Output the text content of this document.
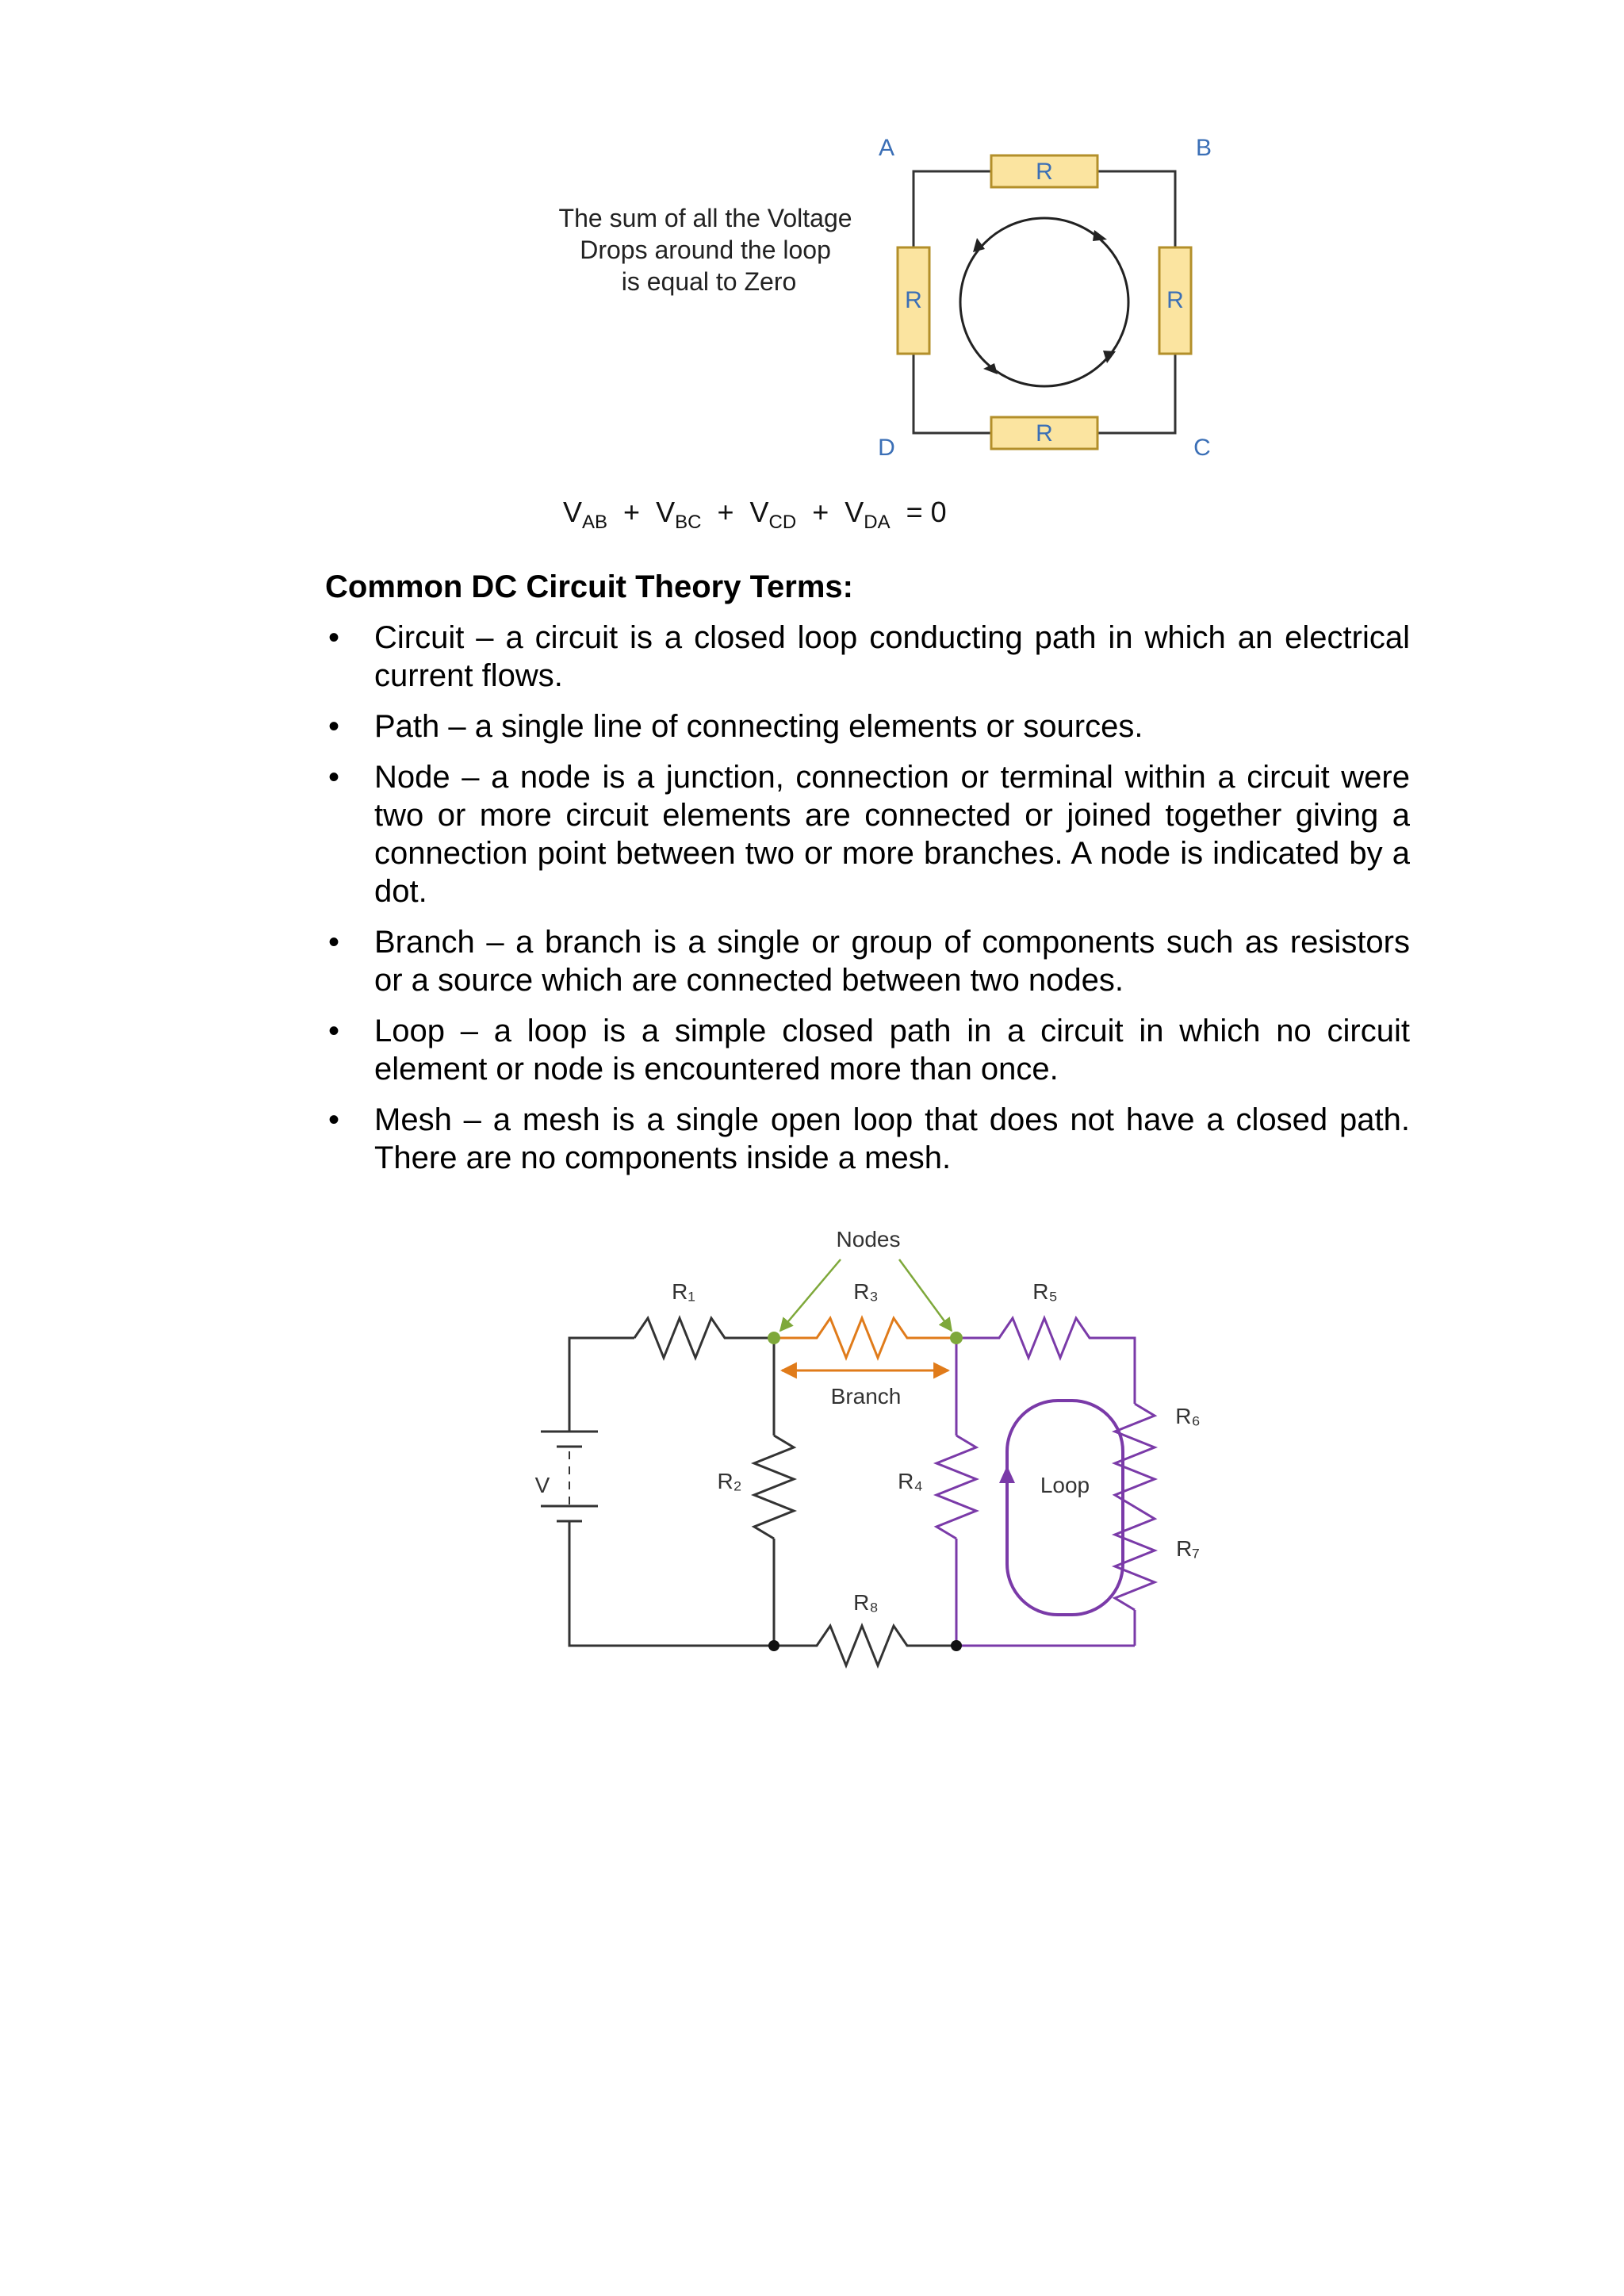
R
R
R	R
A	B
C
D
The sum of all the Voltage Drops around the loop is equal to Zero
$V_{AB} + V_{BC} + V_{CD} + V_{DA} = 0$
Common DC Circuit Theory Terms:
• Circuit – a circuit is a closed loop conducting path in which an electrical current flows.
• Path – a single line of connecting elements or sources.
• Node – a node is a junction, connection or terminal within a circuit were two or more circuit elements are connected or joined together giving a connection point between two or more branches. A node is indicated by a dot.
• Branch – a branch is a single or group of components such as resistors or a source which are connected between two nodes.
• Loop – a loop is a simple closed path in a circuit in which no circuit element or node is encountered more than once.
• Mesh – a mesh is a single open loop that does not have a closed path. There are no components inside a mesh.
Nodes
Branch
Loop
V
R₁	R₃	R₅
R₂	R₄
R₆
R₇
R₈
